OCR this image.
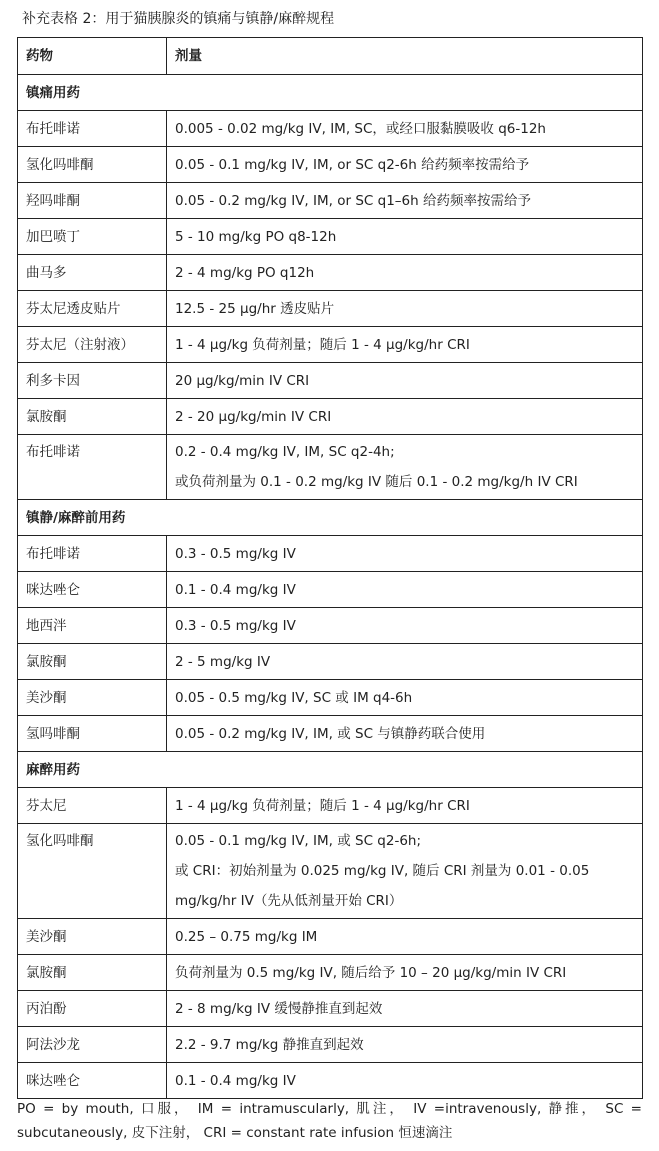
补充表格 2：用于猫胰腺炎的镇痛与镇静/麻醉规程
药物	剂量
镇痛用药	
布托啡诺	0.005 - 0.02 mg/kg IV, IM, SC，或经口服黏膜吸收 q6-12h

氢化吗啡酮	0.05 - 0.1 mg/kg IV, IM, or SC q2-6h 给药频率按需给予

羟吗啡酮	0.05 - 0.2 mg/kg IV, IM, or SC q1–6h 给药频率按需给予

加巴喷丁	5 - 10 mg/kg PO q8-12h

曲马多	2 - 4 mg/kg PO q12h

芬太尼透皮贴片	12.5 - 25 µg/hr 透皮贴片

芬太尼（注射液）	1 - 4 µg/kg 负荷剂量；随后 1 - 4 µg/kg/hr CRI

利多卡因	20 µg/kg/min IV CRI

氯胺酮	2 - 20 µg/kg/min IV CRI

布托啡诺	0.2 - 0.4 mg/kg IV, IM, SC q2-4h;
或负荷剂量为 0.1 - 0.2 mg/kg IV 随后 0.1 - 0.2 mg/kg/h IV CRI

镇静/麻醉前用药	
布托啡诺	0.3 - 0.5 mg/kg IV

咪达唑仑	0.1 - 0.4 mg/kg IV

地西泮	0.3 - 0.5 mg/kg IV

氯胺酮	2 - 5 mg/kg IV

美沙酮	0.05 - 0.5 mg/kg IV, SC 或 IM q4-6h

氢吗啡酮	0.05 - 0.2 mg/kg IV, IM, 或 SC 与镇静药联合使用

麻醉用药	
芬太尼	1 - 4 µg/kg 负荷剂量；随后 1 - 4 µg/kg/hr CRI

氢化吗啡酮	0.05 - 0.1 mg/kg IV, IM, 或 SC q2-6h;
或 CRI：初始剂量为 0.025 mg/kg IV, 随后 CRI 剂量为 0.01 - 0.05
mg/kg/hr IV（先从低剂量开始 CRI）

美沙酮	0.25 – 0.75 mg/kg IM

氯胺酮	负荷剂量为 0.5 mg/kg IV, 随后给予 10 – 20 µg/kg/min IV CRI

丙泊酚	2 - 8 mg/kg IV 缓慢静推直到起效

阿法沙龙	2.2 - 9.7 mg/kg 静推直到起效

咪达唑仑	0.1 - 0.4 mg/kg IV
PO = by mouth, 口服， IM = intramuscularly, 肌注， IV =intravenously, 静推， SC = subcutaneously, 皮下注射， CRI = constant rate infusion 恒速滴注
